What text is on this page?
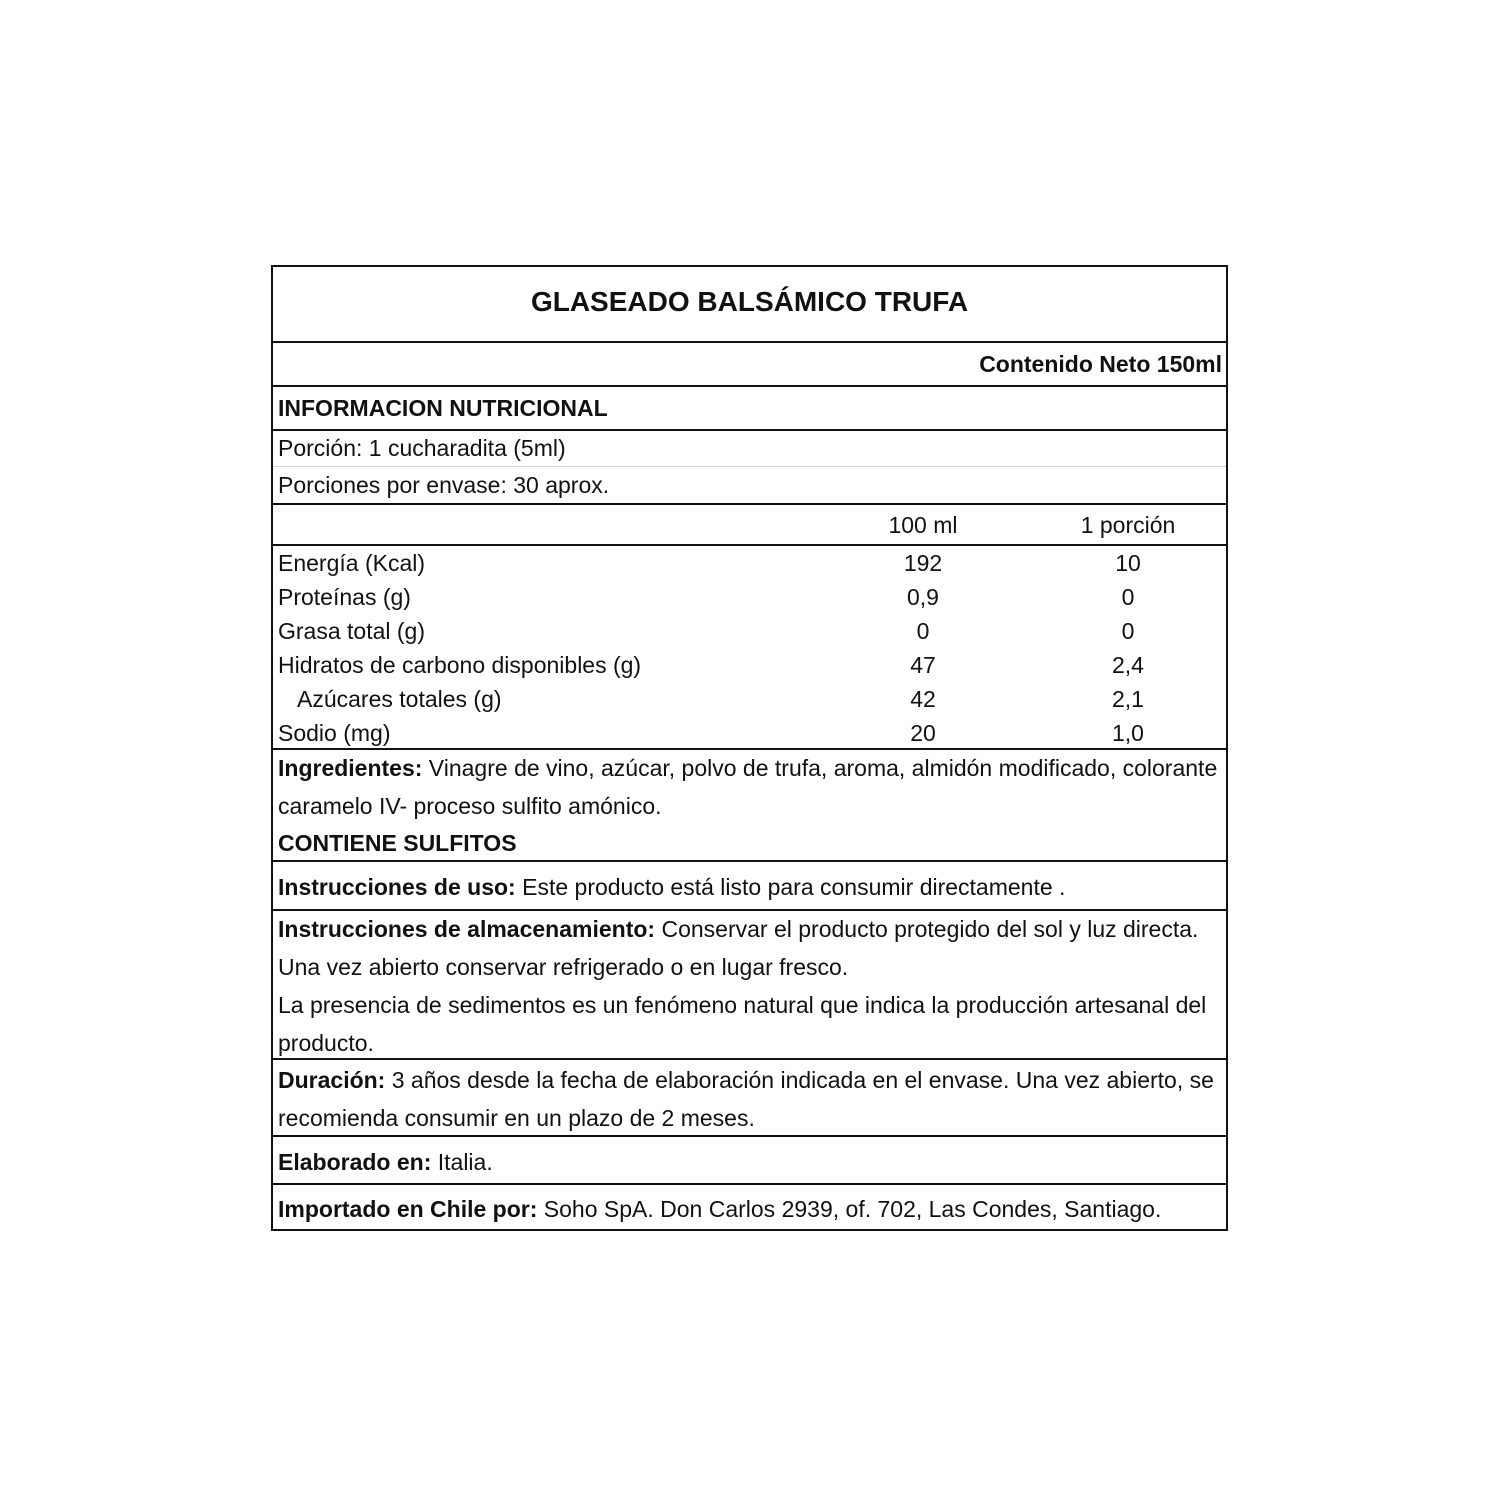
GLASEADO BALSÁMICO TRUFA
Contenido Neto 150ml
INFORMACION NUTRICIONAL
Porción: 1 cucharadita (5ml)
Porciones por envase: 30 aprox.
100 ml	1 porción
Energía (Kcal)	192	10
Proteínas (g)	0,9	0
Grasa total (g)	0	0
Hidratos de carbono disponibles (g)	47	2,4
Azúcares totales (g)	42	2,1
Sodio (mg)	20	1,0
Ingredientes: Vinagre de vino, azúcar, polvo de trufa, aroma, almidón modificado, colorante caramelo IV- proceso sulfito amónico.
CONTIENE SULFITOS
Instrucciones de uso: Este producto está listo para consumir directamente .
Instrucciones de almacenamiento: Conservar el producto protegido del sol y luz directa. Una vez abierto conservar refrigerado o en lugar fresco.
La presencia de sedimentos es un fenómeno natural que indica la producción artesanal del producto.
Duración: 3 años desde la fecha de elaboración indicada en el envase. Una vez abierto, se recomienda consumir en un plazo de 2 meses.
Elaborado en: Italia.
Importado en Chile por: Soho SpA. Don Carlos 2939, of. 702, Las Condes, Santiago.
